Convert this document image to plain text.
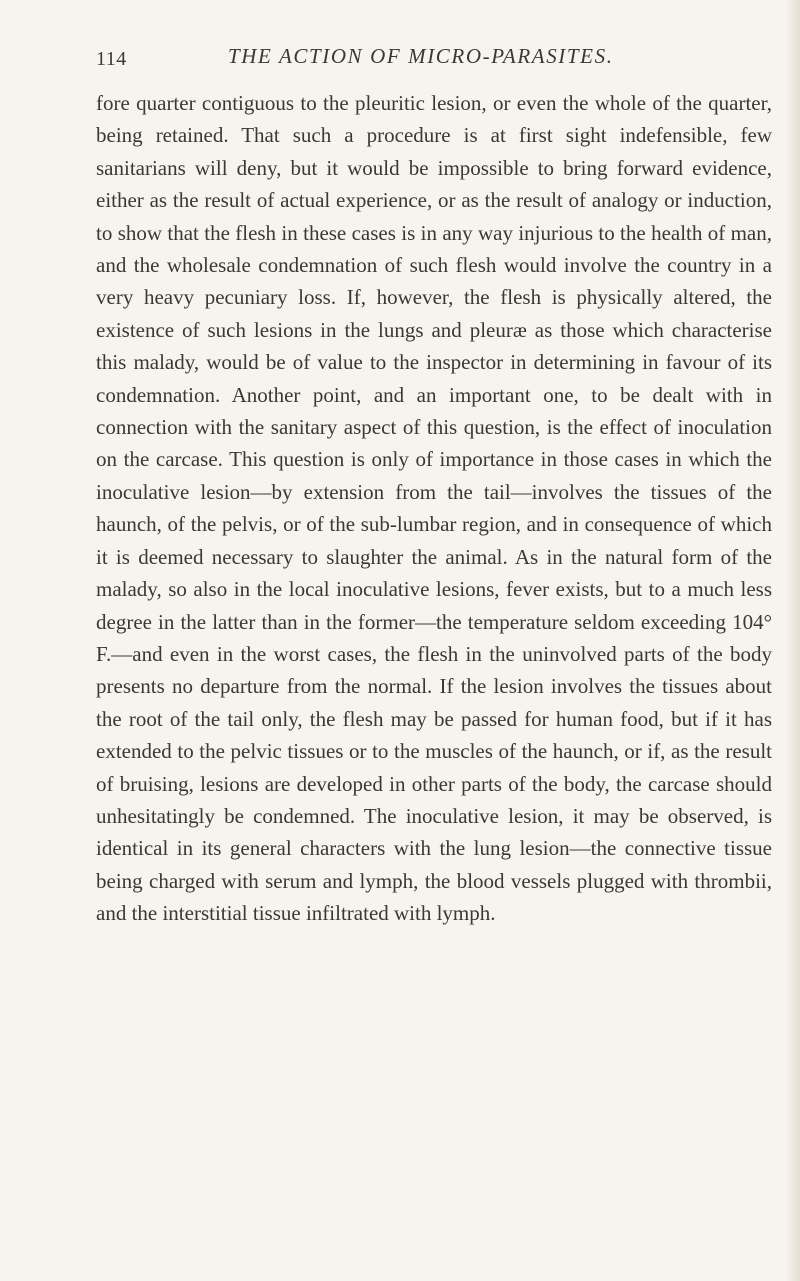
114	THE ACTION OF MICRO-PARASITES.

fore quarter contiguous to the pleuritic lesion, or even the whole of the quarter, being retained. That such a procedure is at first sight indefensible, few sanitarians will deny, but it would be impossible to bring forward evidence, either as the result of actual experience, or as the result of analogy or induction, to show that the flesh in these cases is in any way injurious to the health of man, and the wholesale condemnation of such flesh would involve the country in a very heavy pecuniary loss. If, however, the flesh is physically altered, the existence of such lesions in the lungs and pleuræ as those which characterise this malady, would be of value to the inspector in determining in favour of its condemnation. Another point, and an important one, to be dealt with in connection with the sanitary aspect of this question, is the effect of inoculation on the carcase. This question is only of importance in those cases in which the inoculative lesion—by extension from the tail—involves the tissues of the haunch, of the pelvis, or of the sub-lumbar region, and in consequence of which it is deemed necessary to slaughter the animal. As in the natural form of the malady, so also in the local inoculative lesions, fever exists, but to a much less degree in the latter than in the former—the temperature seldom exceeding 104° F.—and even in the worst cases, the flesh in the uninvolved parts of the body presents no departure from the normal. If the lesion involves the tissues about the root of the tail only, the flesh may be passed for human food, but if it has extended to the pelvic tissues or to the muscles of the haunch, or if, as the result of bruising, lesions are developed in other parts of the body, the carcase should unhesitatingly be condemned. The inoculative lesion, it may be observed, is identical in its general characters with the lung lesion—the connective tissue being charged with serum and lymph, the blood vessels plugged with thrombii, and the interstitial tissue infiltrated with lymph.
